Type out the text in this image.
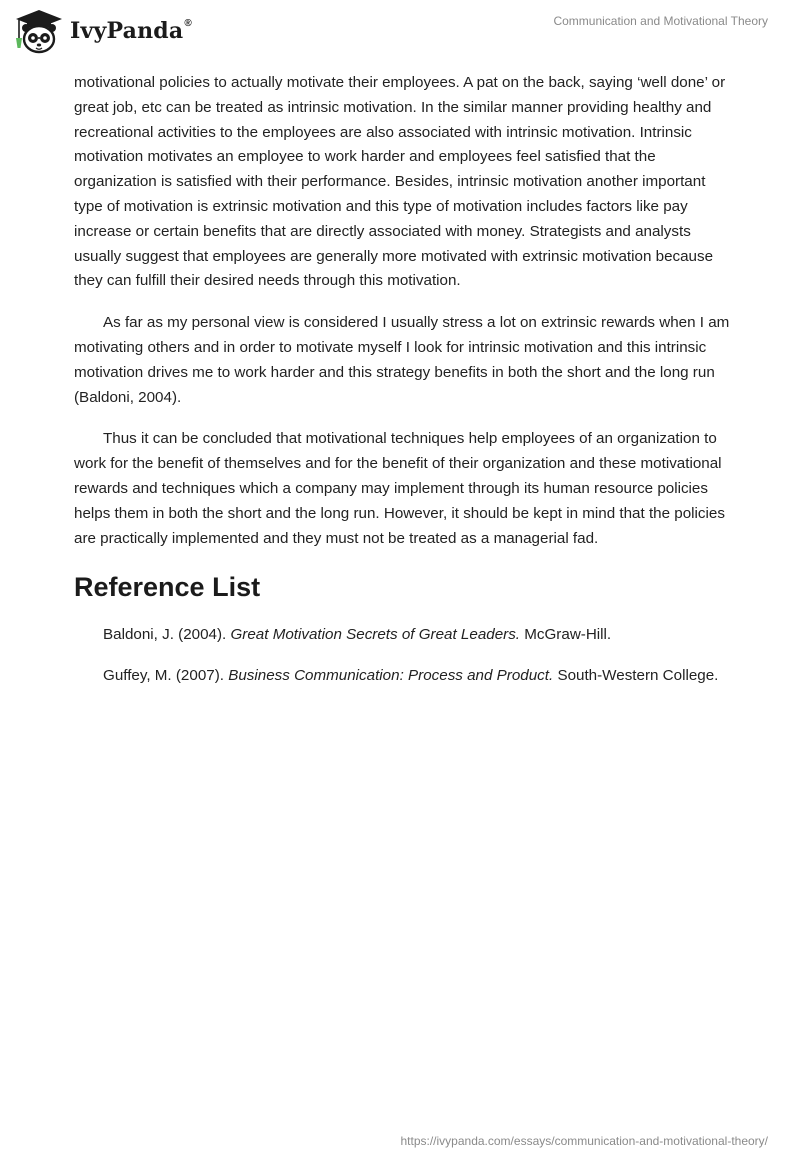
IvyPanda®	Communication and Motivational Theory

motivational policies to actually motivate their employees. A pat on the back, saying ‘well done’ or great job, etc can be treated as intrinsic motivation. In the similar manner providing healthy and recreational activities to the employees are also associated with intrinsic motivation. Intrinsic motivation motivates an employee to work harder and employees feel satisfied that the organization is satisfied with their performance. Besides, intrinsic motivation another important type of motivation is extrinsic motivation and this type of motivation includes factors like pay increase or certain benefits that are directly associated with money. Strategists and analysts usually suggest that employees are generally more motivated with extrinsic motivation because they can fulfill their desired needs through this motivation.

As far as my personal view is considered I usually stress a lot on extrinsic rewards when I am motivating others and in order to motivate myself I look for intrinsic motivation and this intrinsic motivation drives me to work harder and this strategy benefits in both the short and the long run (Baldoni, 2004).

Thus it can be concluded that motivational techniques help employees of an organization to work for the benefit of themselves and for the benefit of their organization and these motivational rewards and techniques which a company may implement through its human resource policies helps them in both the short and the long run. However, it should be kept in mind that the policies are practically implemented and they must not be treated as a managerial fad.

Reference List

Baldoni, J. (2004). Great Motivation Secrets of Great Leaders. McGraw-Hill.

Guffey, M. (2007). Business Communication: Process and Product. South-Western College.

https://ivypanda.com/essays/communication-and-motivational-theory/
